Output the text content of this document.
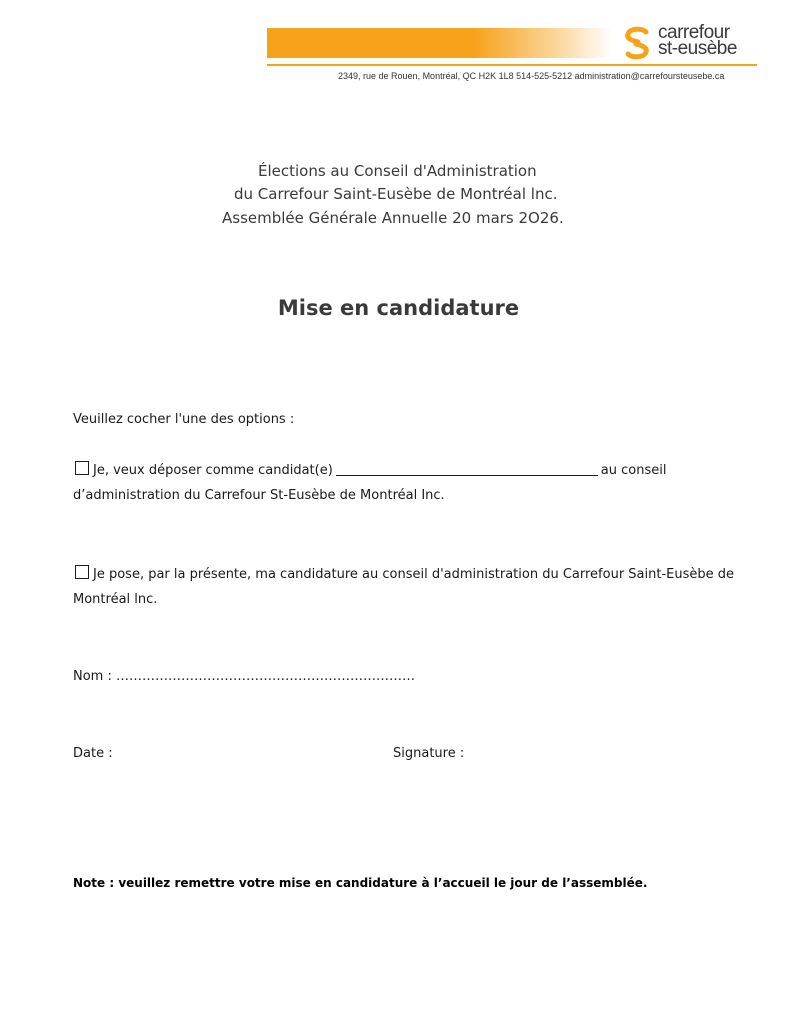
carrefour
st-eusèbe
2349, rue de Rouen, Montréal, QC H2K 1L8 514-525-5212 administration@carrefoursteusebe.ca
Élections au Conseil d'Administration
du Carrefour Saint-Eusèbe de Montréal lnc.
Assemblée Générale Annuelle 20 mars 2O26.
Mise en candidature
Veuillez cocher l'une des options :
Je, veux déposer comme candidat(e)	au conseil
d’administration du Carrefour St-Eusèbe de Montréal Inc.
Je pose, par la présente, ma candidature au conseil d'administration du Carrefour Saint-Eusèbe de
Montréal lnc.
Nom : ……………………………………………………………
Date :	Signature :
Note : veuillez remettre votre mise en candidature à l’accueil le jour de l’assemblée.
